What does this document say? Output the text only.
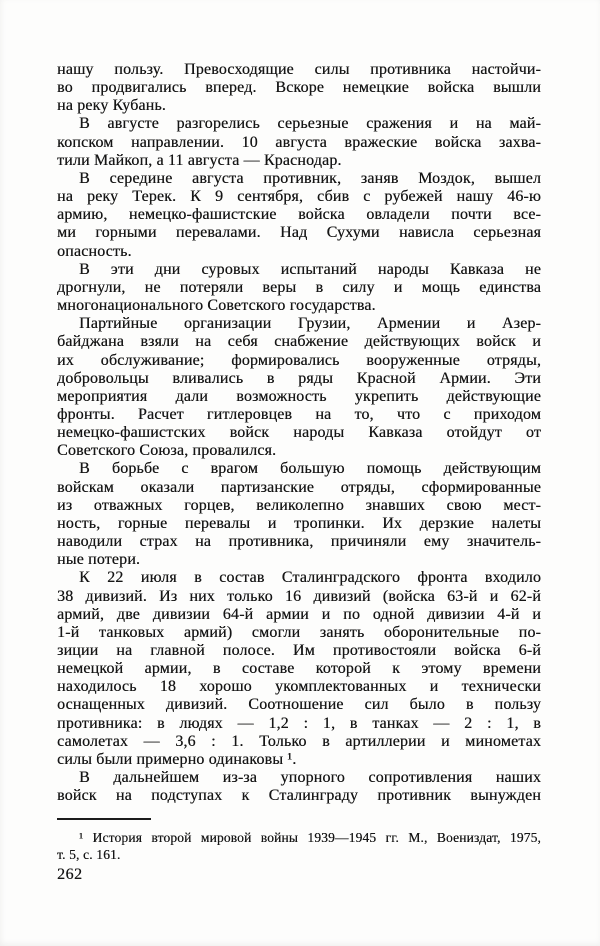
нашу пользу. Превосходящие силы противника настойчи-
во продвигались вперед. Вскоре немецкие войска вышли
на реку Кубань.
В августе разгорелись серьезные сражения и на май-
копском направлении. 10 августа вражеские войска захва-
тили Майкоп, а 11 августа — Краснодар.
В середине августа противник, заняв Моздок, вышел
на реку Терек. К 9 сентября, сбив с рубежей нашу 46-ю
армию, немецко-фашистские войска овладели почти все-
ми горными перевалами. Над Сухуми нависла серьезная
опасность.
В эти дни суровых испытаний народы Кавказа не
дрогнули, не потеряли веры в силу и мощь единства
многонационального Советского государства.
Партийные организации Грузии, Армении и Азер-
байджана взяли на себя снабжение действующих войск и
их обслуживание; формировались вооруженные отряды,
добровольцы вливались в ряды Красной Армии. Эти
мероприятия дали возможность укрепить действующие
фронты. Расчет гитлеровцев на то, что с приходом
немецко-фашистских войск народы Кавказа отойдут от
Советского Союза, провалился.
В борьбе с врагом большую помощь действующим
войскам оказали партизанские отряды, сформированные
из отважных горцев, великолепно знавших свою мест-
ность, горные перевалы и тропинки. Их дерзкие налеты
наводили страх на противника, причиняли ему значитель-
ные потери.
К 22 июля в состав Сталинградского фронта входило
38 дивизий. Из них только 16 дивизий (войска 63-й и 62-й
армий, две дивизии 64-й армии и по одной дивизии 4-й и
1-й танковых армий) смогли занять оборонительные по-
зиции на главной полосе. Им противостояли войска 6-й
немецкой армии, в составе которой к этому времени
находилось 18 хорошо укомплектованных и технически
оснащенных дивизий. Соотношение сил было в пользу
противника: в людях — 1,2 : 1, в танках — 2 : 1, в
самолетах — 3,6 : 1. Только в артиллерии и минометах
силы были примерно одинаковы ¹.
В дальнейшем из-за упорного сопротивления наших
войск на подступах к Сталинграду противник вынужден
¹ История второй мировой войны 1939—1945 гг. М., Воениздат, 1975,
т. 5, с. 161.
262
